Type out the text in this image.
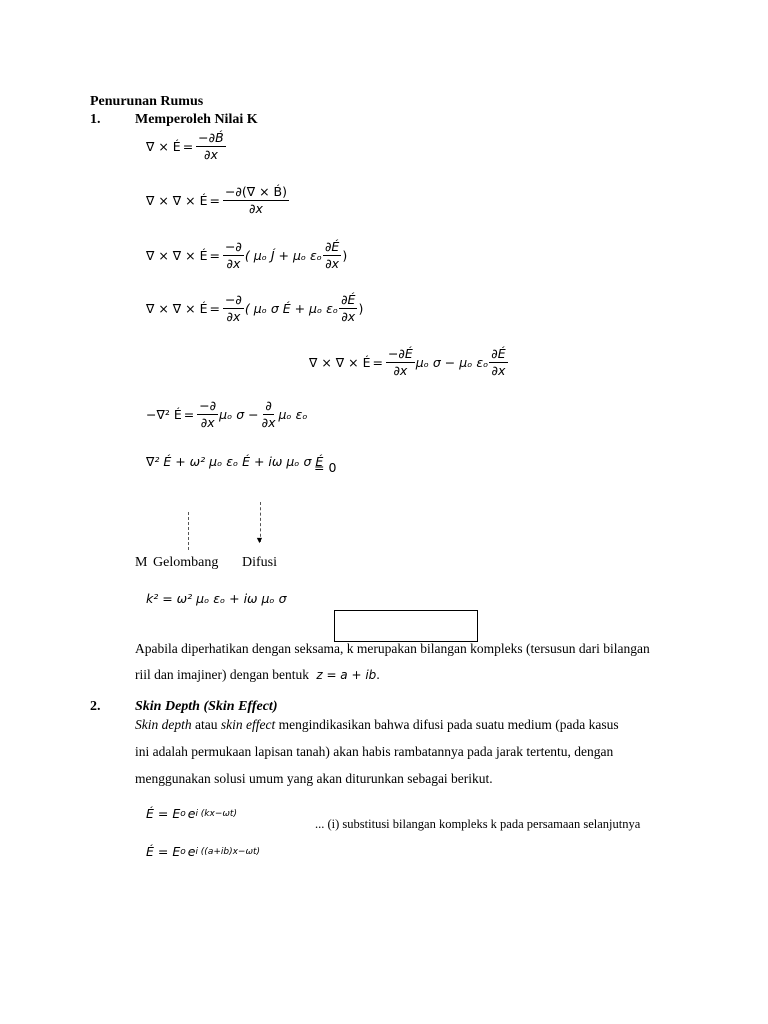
Penurunan Rumus
1. Memperoleh Nilai K
∇ × É = $\frac{-\partial B́}{\partial x}$
∇ × ∇ × É = $\frac{-\partial(\nabla \times B́)}{\partial x}$
∇ × ∇ × É = $\frac{-\partial}{\partial x}$ ( μₒ J́ + μₒ εₒ $\frac{\partial É}{\partial x}$ )
∇ × ∇ × É = $\frac{-\partial}{\partial x}$ ( μₒ σ É + μₒ εₒ $\frac{\partial É}{\partial x}$ )
∇ × ∇ × É = $\frac{-\partial É}{\partial x}$ μₒ σ − μₒ εₒ $\frac{\partial É}{\partial x}$
−∇² É = $\frac{-\partial}{\partial x}$ μₒ $\sigma - \frac{\partial}{\partial x}$ μₒ εₒ
∇² É + ω² μₒ εₒ É + iω μₒ σ É
= 0
▼
M Gelombang Difusi
k² = ω² μₒ εₒ + iω μₒ σ
Apabila diperhatikan dengan seksama, k merupakan bilangan kompleks (tersusun dari bilangan
riil dan imajiner) dengan bentuk z = a + ib.
2. Skin Depth (Skin Effect)
Skin depth atau skin effect mengindikasikan bahwa difusi pada suatu medium (pada kasus
ini adalah permukaan lapisan tanah) akan habis rambatannya pada jarak tertentu, dengan
menggunakan solusi umum yang akan diturunkan sebagai berikut.
É = E o e i (kx−ωt)
... (i) substitusi bilangan kompleks k pada persamaan selanjutnya
É = E o e i ((a+ib)x−ωt)
